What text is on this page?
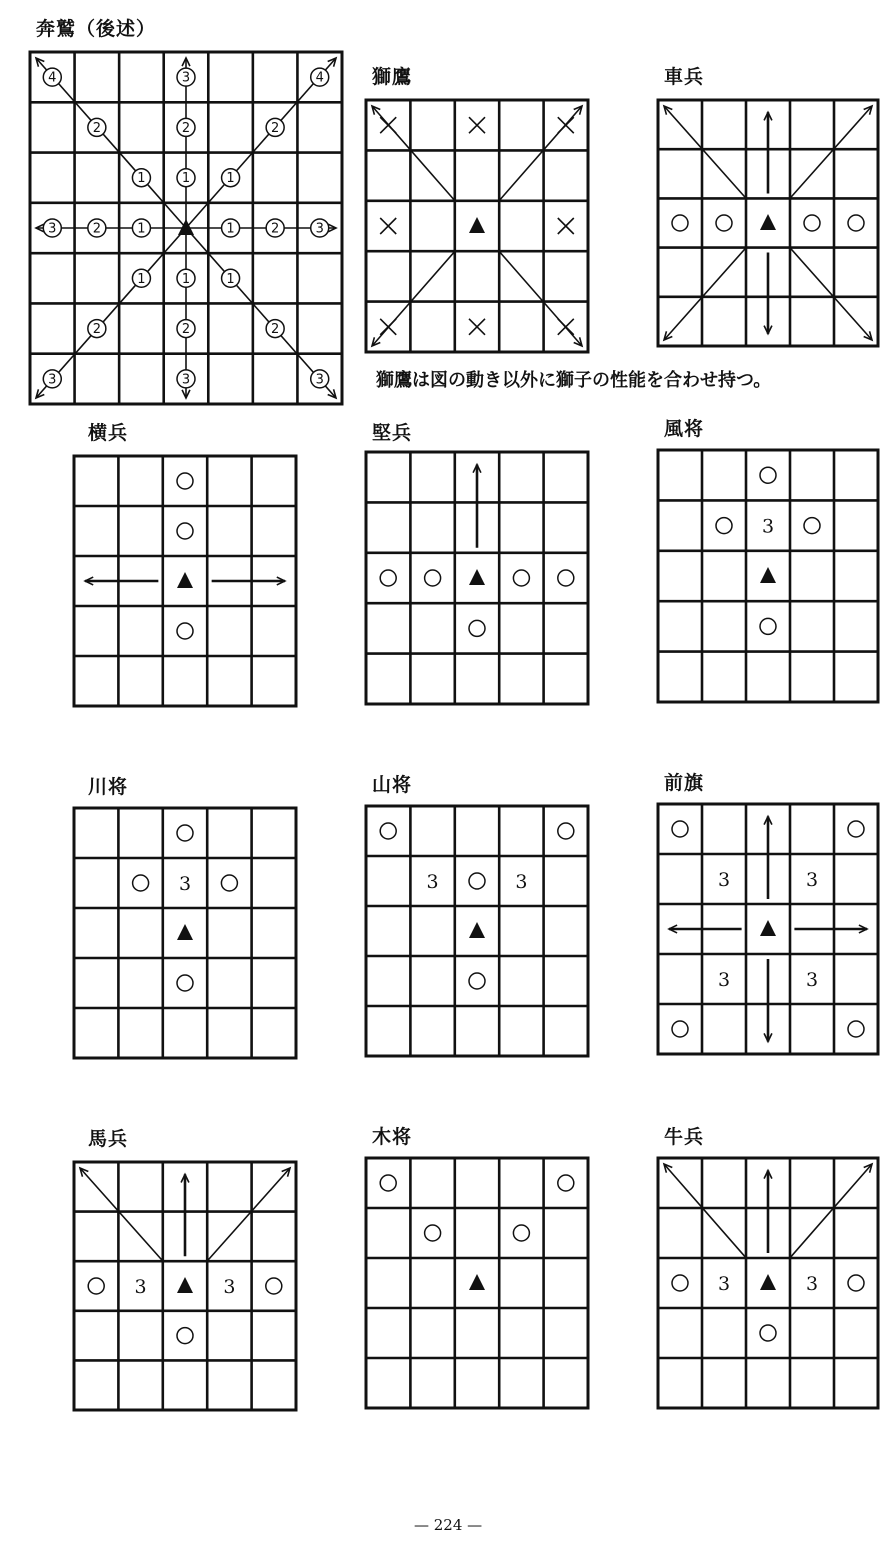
奔鷲（後述）
獅鷹	車兵
横兵	堅兵	風将
川将	山将	前旗
馬兵	木将	牛兵
獅鷹は図の動き以外に獅子の性能を合わせ持つ。
4	3	4
2	2	2
1	1	1
3	2	1	1	2	3
1	1	1
2	2	2
3	3	3
3
3	3	3	3	3
3	3
3	3	3	3
— 224 —
